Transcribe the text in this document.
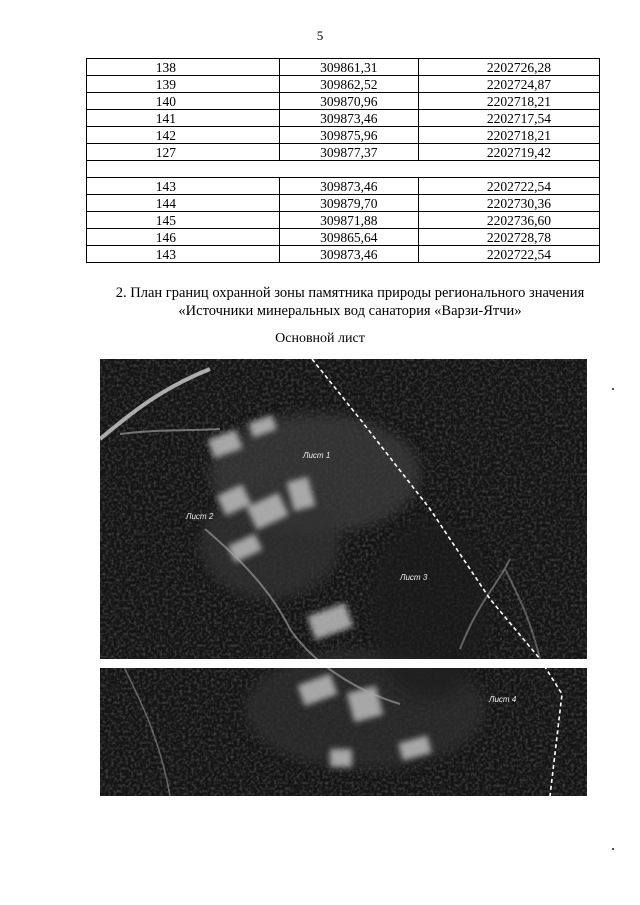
5
138	309861,31	2202726,28
139	309862,52	2202724,87
140	309870,96	2202718,21
141	309873,46	2202717,54
142	309875,96	2202718,21
127	309877,37	2202719,42

143	309873,46	2202722,54
144	309879,70	2202730,36
145	309871,88	2202736,60
146	309865,64	2202728,78
143	309873,46	2202722,54
2. План границ охранной зоны памятника природы регионального значения
«Источники минеральных вод санатория «Варзи-Ятчи»
Основной лист
Лист 1
Лист 2
Лист 3
Лист 4
